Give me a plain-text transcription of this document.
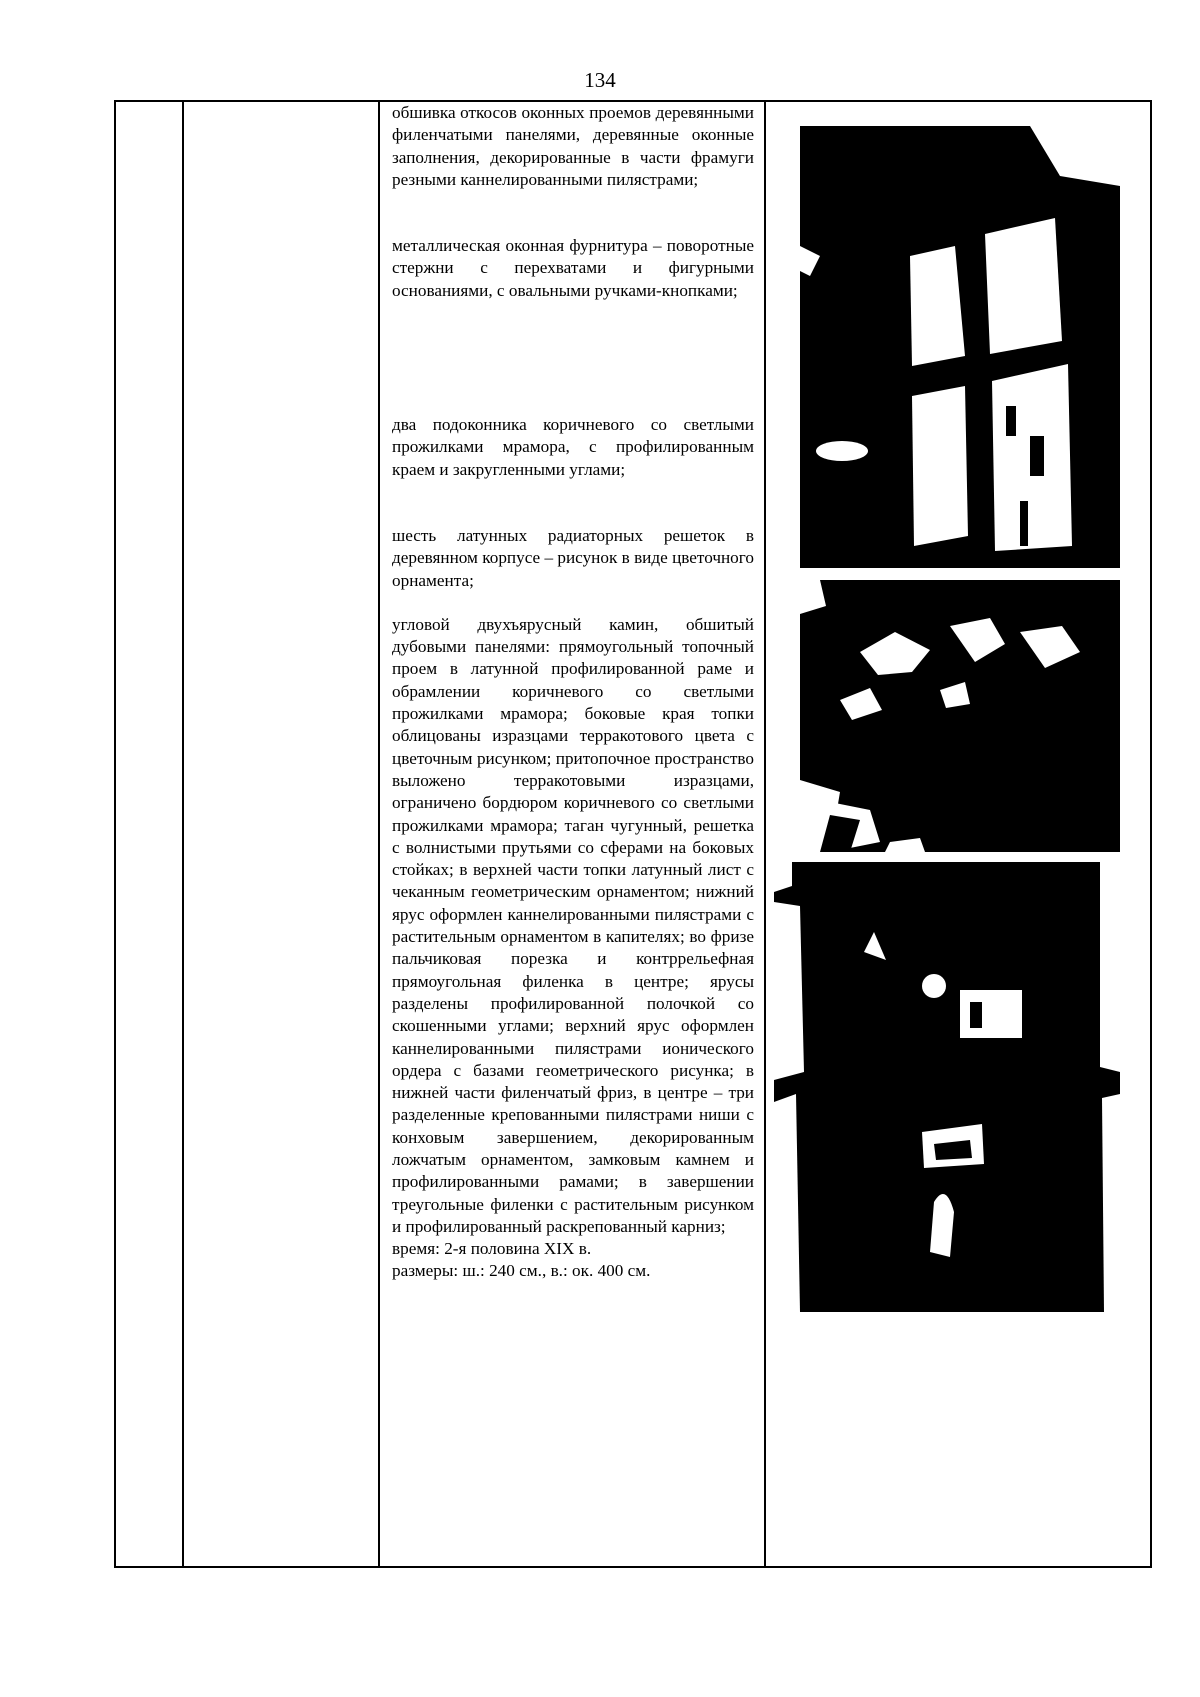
134

обшивка откосов оконных проемов деревянными филенчатыми панелями, деревянные оконные заполнения, декорированные в части фрамуги резными каннелированными пилястрами;

металлическая оконная фурнитура – поворотные стержни с перехватами и фигурными основаниями, с овальными ручками-кнопками;

два подоконника коричневого со светлыми прожилками мрамора, с профилированным краем и закругленными углами;

шесть латунных радиаторных решеток в деревянном корпусе – рисунок в виде цветочного орнамента;

угловой двухъярусный камин, обшитый дубовыми панелями: прямоугольный топочный проем в латунной профилированной раме и обрамлении коричневого со светлыми прожилками мрамора; боковые края топки облицованы изразцами терракотового цвета с цветочным рисунком; притопочное пространство выложено терракотовыми изразцами, ограничено бордюром коричневого со светлыми прожилками мрамора; таган чугунный, решетка с волнистыми прутьями со сферами на боковых стойках; в верхней части топки латунный лист с чеканным геометрическим орнаментом; нижний ярус оформлен каннелированными пилястрами с растительным орнаментом в капителях; во фризе пальчиковая порезка и контррельефная прямоугольная филенка в центре; ярусы разделены профилированной полочкой со скошенными углами; верхний ярус оформлен каннелированными пилястрами ионического ордера с базами геометрического рисунка; в нижней части филенчатый фриз, в центре – три разделенные крепованными пилястрами ниши с конховым завершением, декорированным ложчатым орнаментом, замковым камнем и профилированными рамами; в завершении треугольные филенки с растительным рисунком и профилированный раскрепованный карниз;

время: 2-я половина XIX в.

размеры: ш.: 240 см., в.: ок. 400 см.
